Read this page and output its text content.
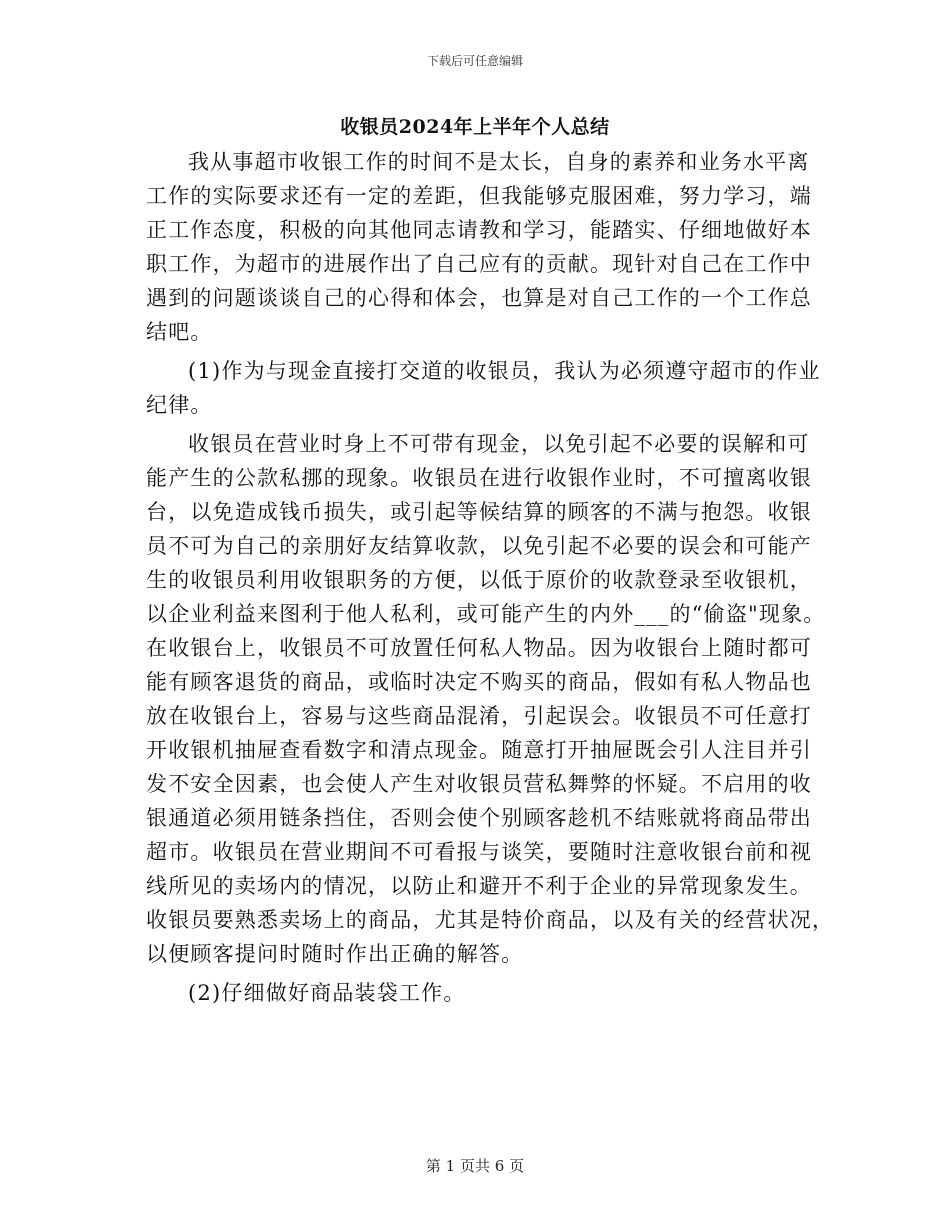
下载后可任意编辑
收银员2024年上半年个人总结

我从事超市收银工作的时间不是太长，自身的素养和业务水平离
工作的实际要求还有一定的差距，但我能够克服困难，努力学习，端
正工作态度，积极的向其他同志请教和学习，能踏实、仔细地做好本
职工作，为超市的进展作出了自己应有的贡献。现针对自己在工作中
遇到的问题谈谈自己的心得和体会，也算是对自己工作的一个工作总
结吧。

(1)作为与现金直接打交道的收银员，我认为必须遵守超市的作业
纪律。

收银员在营业时身上不可带有现金，以免引起不必要的误解和可
能产生的公款私挪的现象。收银员在进行收银作业时，不可擅离收银
台，以免造成钱币损失，或引起等候结算的顾客的不满与抱怨。收银
员不可为自己的亲朋好友结算收款，以免引起不必要的误会和可能产
生的收银员利用收银职务的方便，以低于原价的收款登录至收银机，
以企业利益来图利于他人私利，或可能产生的内外___的“偷盗"现象。
在收银台上，收银员不可放置任何私人物品。因为收银台上随时都可
能有顾客退货的商品，或临时决定不购买的商品，假如有私人物品也
放在收银台上，容易与这些商品混淆，引起误会。收银员不可任意打
开收银机抽屉查看数字和清点现金。随意打开抽屉既会引人注目并引
发不安全因素，也会使人产生对收银员营私舞弊的怀疑。不启用的收
银通道必须用链条挡住，否则会使个别顾客趁机不结账就将商品带出
超市。收银员在营业期间不可看报与谈笑，要随时注意收银台前和视
线所见的卖场内的情况，以防止和避开不利于企业的异常现象发生。
收银员要熟悉卖场上的商品，尤其是特价商品，以及有关的经营状况，
以便顾客提问时随时作出正确的解答。

(2)仔细做好商品装袋工作。

第 1 页共 6 页
